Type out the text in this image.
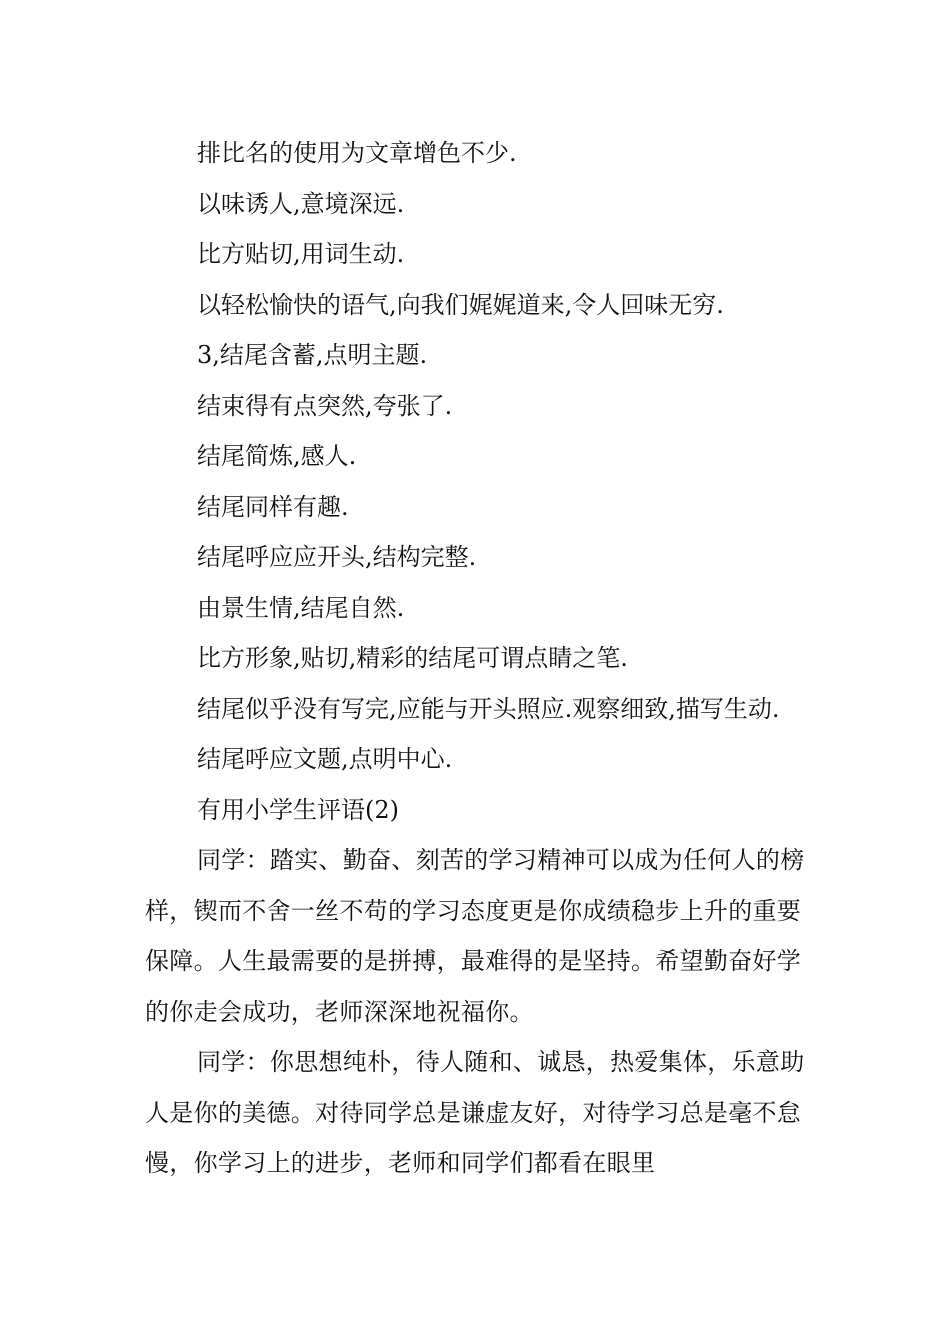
排比名的使用为文章增色不少.

以味诱人,意境深远.

比方贴切,用词生动.

以轻松愉快的语气,向我们娓娓道来,令人回味无穷.

3,结尾含蓄,点明主题.

结束得有点突然,夸张了.

结尾简炼,感人.

结尾同样有趣.

结尾呼应应开头,结构完整.

由景生情,结尾自然.

比方形象,贴切,精彩的结尾可谓点睛之笔.

结尾似乎没有写完,应能与开头照应.观察细致,描写生动.

结尾呼应文题,点明中心.

有用小学生评语(2)

同学：踏实、勤奋、刻苦的学习精神可以成为任何人的榜样，锲而不舍一丝不苟的学习态度更是你成绩稳步上升的重要保障。人生最需要的是拼搏，最难得的是坚持。希望勤奋好学的你走会成功，老师深深地祝福你。

同学：你思想纯朴，待人随和、诚恳，热爱集体，乐意助人是你的美德。对待同学总是谦虚友好，对待学习总是毫不怠慢，你学习上的进步，老师和同学们都看在眼里
